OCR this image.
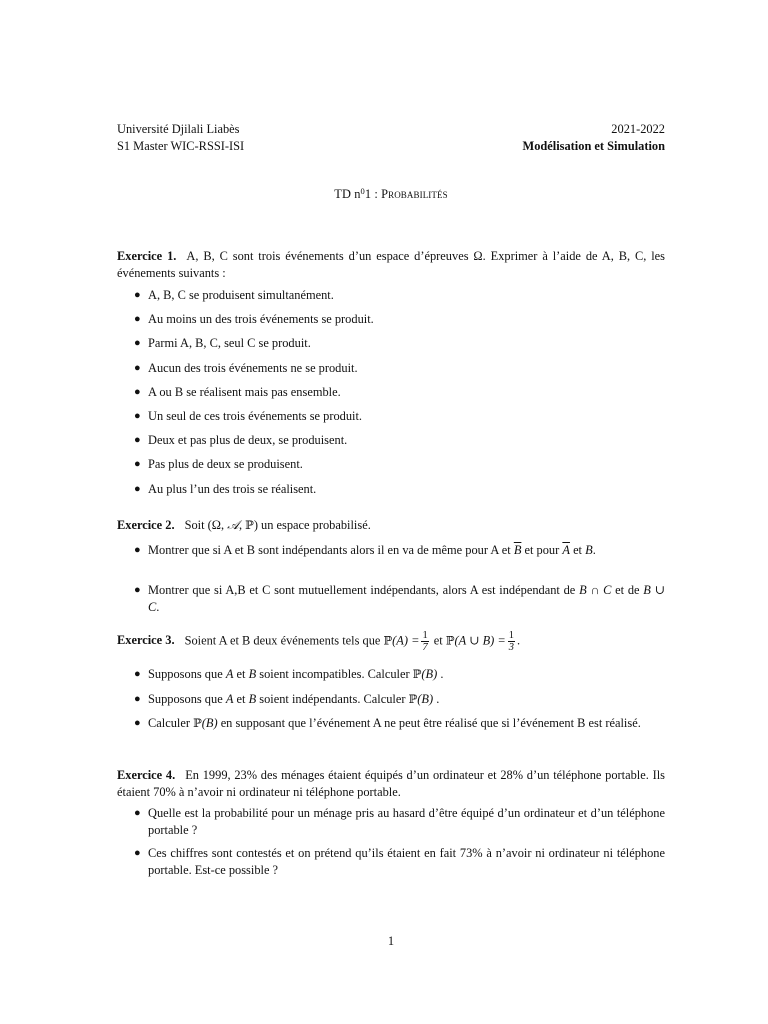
Université Djilali Liabès	2021-2022
S1 Master WIC-RSSI-ISI	Modélisation et Simulation
TD $n^01$ : Probabilités
Exercice 1. A, B, C sont trois événements d’un espace d’épreuves Ω. Exprimer à l’aide de A, B, C, les événements suivants :
● A, B, C se produisent simultanément.
● Au moins un des trois événements se produit.
● Parmi A, B, C, seul C se produit.
● Aucun des trois événements ne se produit.
● A ou B se réalisent mais pas ensemble.
● Un seul de ces trois événements se produit.
● Deux et pas plus de deux, se produisent.
● Pas plus de deux se produisent.
● Au plus l’un des trois se réalisent.
Exercice 2. Soit (Ω, 𝒜, ℙ) un espace probabilisé.
● Montrer que si A et B sont indépendants alors il en va de même pour A et $\overline{B}$ et pour $\overline{A}$ et B.
● Montrer que si A,B et C sont mutuellement indépendants, alors A est indépendant de B ∩ C et de B ∪ C.
Exercice 3. Soient A et B deux événements tels que ℙ(A) = $\frac{1}{7}$ et ℙ(A ∪ $B) = \frac{1}{3}$ .
● Supposons que A et B soient incompatibles. Calculer ℙ(B) .
● Supposons que A et B soient indépendants. Calculer ℙ(B) .
● Calculer ℙ(B) en supposant que l’événement A ne peut être réalisé que si l’événement B est réalisé.
Exercice 4. En 1999, 23% des ménages étaient équipés d’un ordinateur et 28% d’un téléphone portable. Ils étaient 70% à n’avoir ni ordinateur ni téléphone portable.
● Quelle est la probabilité pour un ménage pris au hasard d’être équipé d’un ordinateur et d’un téléphone portable ?
● Ces chiffres sont contestés et on prétend qu’ils étaient en fait 73% à n’avoir ni ordinateur ni téléphone portable. Est-ce possible ?
1
